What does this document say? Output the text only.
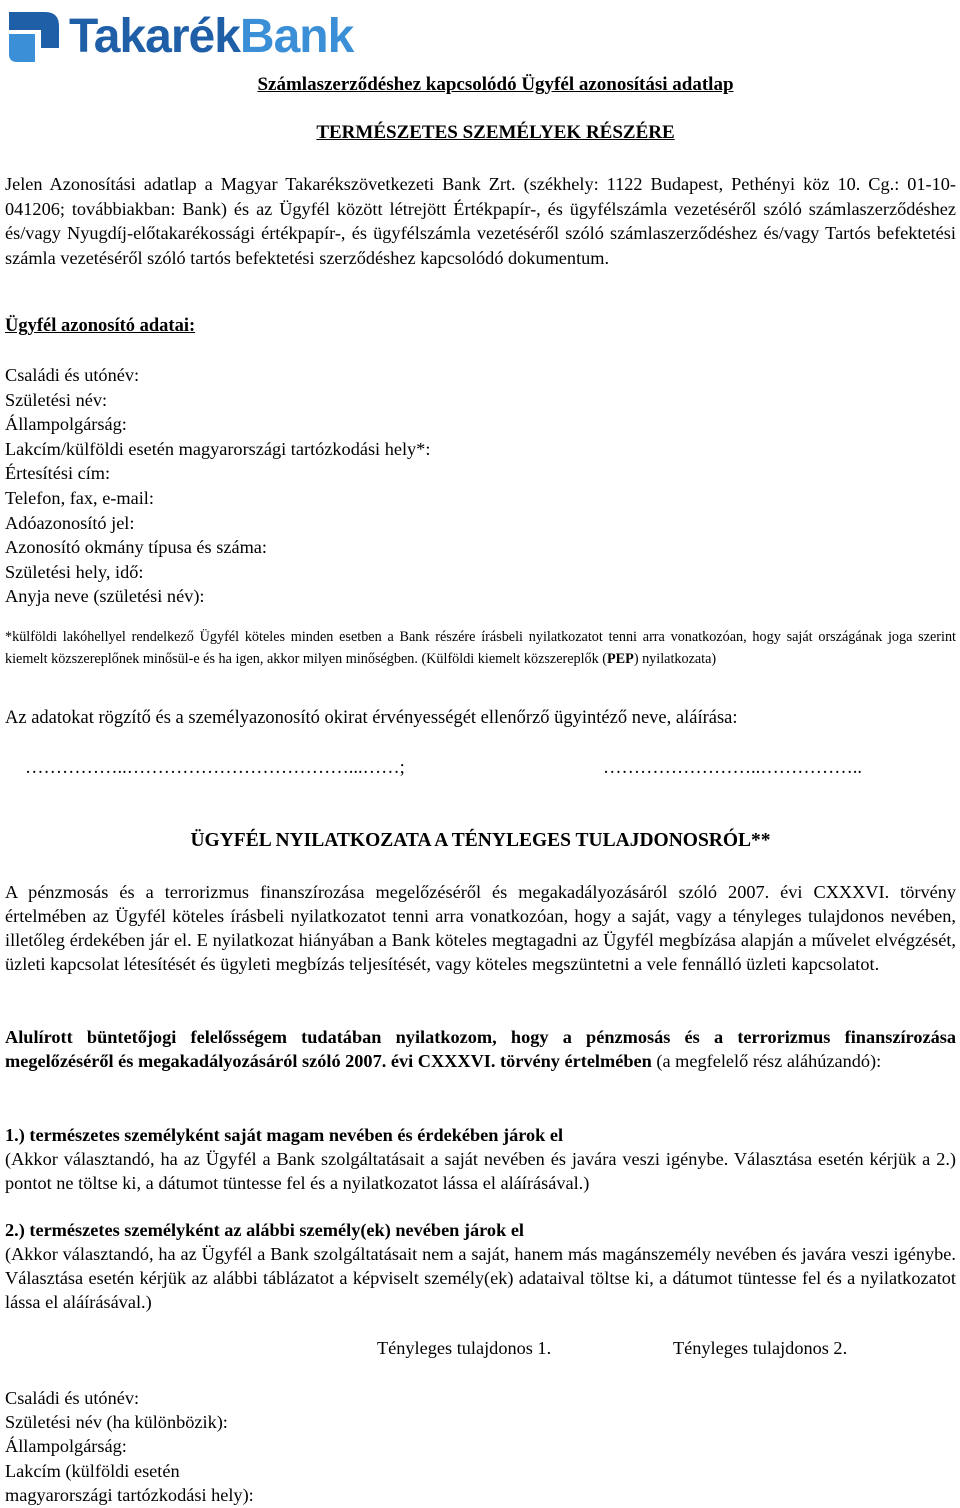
TakarékBank
Számlaszerződéshez kapcsolódó Ügyfél azonosítási adatlap
TERMÉSZETES SZEMÉLYEK RÉSZÉRE
Jelen Azonosítási adatlap a Magyar Takarékszövetkezeti Bank Zrt. (székhely: 1122 Budapest, Pethényi köz 10. Cg.: 01-10-041206; továbbiakban: Bank) és az Ügyfél között létrejött Értékpapír-, és ügyfélszámla vezetéséről szóló számlaszerződéshez és/vagy Nyugdíj-előtakarékossági értékpapír-, és ügyfélszámla vezetéséről szóló számlaszerződéshez és/vagy Tartós befektetési számla vezetéséről szóló tartós befektetési szerződéshez kapcsolódó dokumentum.
Ügyfél azonosító adatai:
Családi és utónév:
Születési név:
Állampolgárság:
Lakcím/külföldi esetén magyarországi tartózkodási hely*:
Értesítési cím:
Telefon, fax, e-mail:
Adóazonosító jel:
Azonosító okmány típusa és száma:
Születési hely, idő:
Anyja neve (születési név):
*külföldi lakóhellyel rendelkező Ügyfél köteles minden esetben a Bank részére írásbeli nyilatkozatot tenni arra vonatkozóan, hogy saját országának joga szerint kiemelt közszereplőnek minősül-e és ha igen, akkor milyen minőségben. (Külföldi kiemelt közszereplők (PEP) nyilatkozata)
Az adatokat rögzítő és a személyazonosító okirat érvényességét ellenőrző ügyintéző neve, aláírása:
……………..………………………………...……;	……………………..……………..
ÜGYFÉL NYILATKOZATA A TÉNYLEGES TULAJDONOSRÓL**
A pénzmosás és a terrorizmus finanszírozása megelőzéséről és megakadályozásáról szóló 2007. évi CXXXVI. törvény értelmében az Ügyfél köteles írásbeli nyilatkozatot tenni arra vonatkozóan, hogy a saját, vagy a tényleges tulajdonos nevében, illetőleg érdekében jár el. E nyilatkozat hiányában a Bank köteles megtagadni az Ügyfél megbízása alapján a művelet elvégzését, üzleti kapcsolat létesítését és ügyleti megbízás teljesítését, vagy köteles megszüntetni a vele fennálló üzleti kapcsolatot.
Alulírott büntetőjogi felelősségem tudatában nyilatkozom, hogy a pénzmosás és a terrorizmus finanszírozása megelőzéséről és megakadályozásáról szóló 2007. évi CXXXVI. törvény értelmében (a megfelelő rész aláhúzandó):
1.) természetes személyként saját magam nevében és érdekében járok el
(Akkor választandó, ha az Ügyfél a Bank szolgáltatásait a saját nevében és javára veszi igénybe. Választása esetén kérjük a 2.) pontot ne töltse ki, a dátumot tüntesse fel és a nyilatkozatot lássa el aláírásával.)
2.) természetes személyként az alábbi személy(ek) nevében járok el
(Akkor választandó, ha az Ügyfél a Bank szolgáltatásait nem a saját, hanem más magánszemély nevében és javára veszi igénybe. Választása esetén kérjük az alábbi táblázatot a képviselt személy(ek) adataival töltse ki, a dátumot tüntesse fel és a nyilatkozatot lássa el aláírásával.)
Tényleges tulajdonos 1.	Tényleges tulajdonos 2.
Családi és utónév:
Születési név (ha különbözik):
Állampolgárság:
Lakcím (külföldi esetén
magyarországi tartózkodási hely):
